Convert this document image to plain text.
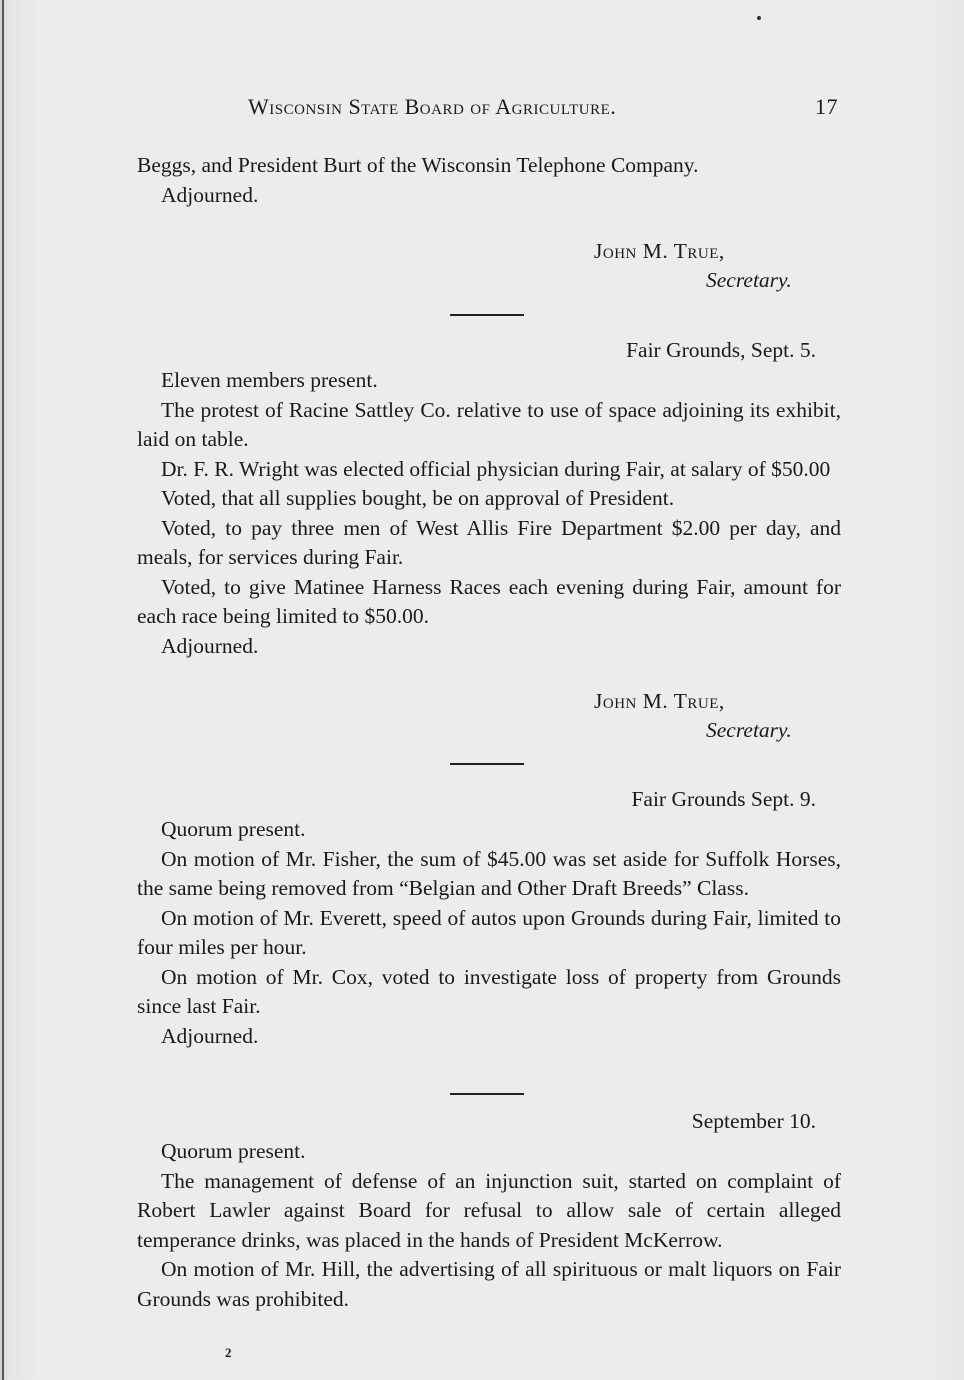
Wisconsin State Board of Agriculture.	17

Beggs, and President Burt of the Wisconsin Telephone Company.

Adjourned.

John M. True,
Secretary.
Fair Grounds, Sept. 5.

Eleven members present.

The protest of Racine Sattley Co. relative to use of space adjoining its exhibit, laid on table.

Dr. F. R. Wright was elected official physician during Fair, at salary of $50.00

Voted, that all supplies bought, be on approval of President.

Voted, to pay three men of West Allis Fire Department $2.00 per day, and meals, for services during Fair.

Voted, to give Matinee Harness Races each evening during Fair, amount for each race being limited to $50.00.

Adjourned.

John M. True,
Secretary.
Fair Grounds Sept. 9.

Quorum present.

On motion of Mr. Fisher, the sum of $45.00 was set aside for Suffolk Horses, the same being removed from “Belgian and Other Draft Breeds” Class.

On motion of Mr. Everett, speed of autos upon Grounds during Fair, limited to four miles per hour.

On motion of Mr. Cox, voted to investigate loss of property from Grounds since last Fair.

Adjourned.

September 10.

Quorum present.

The management of defense of an injunction suit, started on complaint of Robert Lawler against Board for refusal to allow sale of certain alleged temperance drinks, was placed in the hands of President McKerrow.

On motion of Mr. Hill, the advertising of all spirituous or malt liquors on Fair Grounds was prohibited.

2
